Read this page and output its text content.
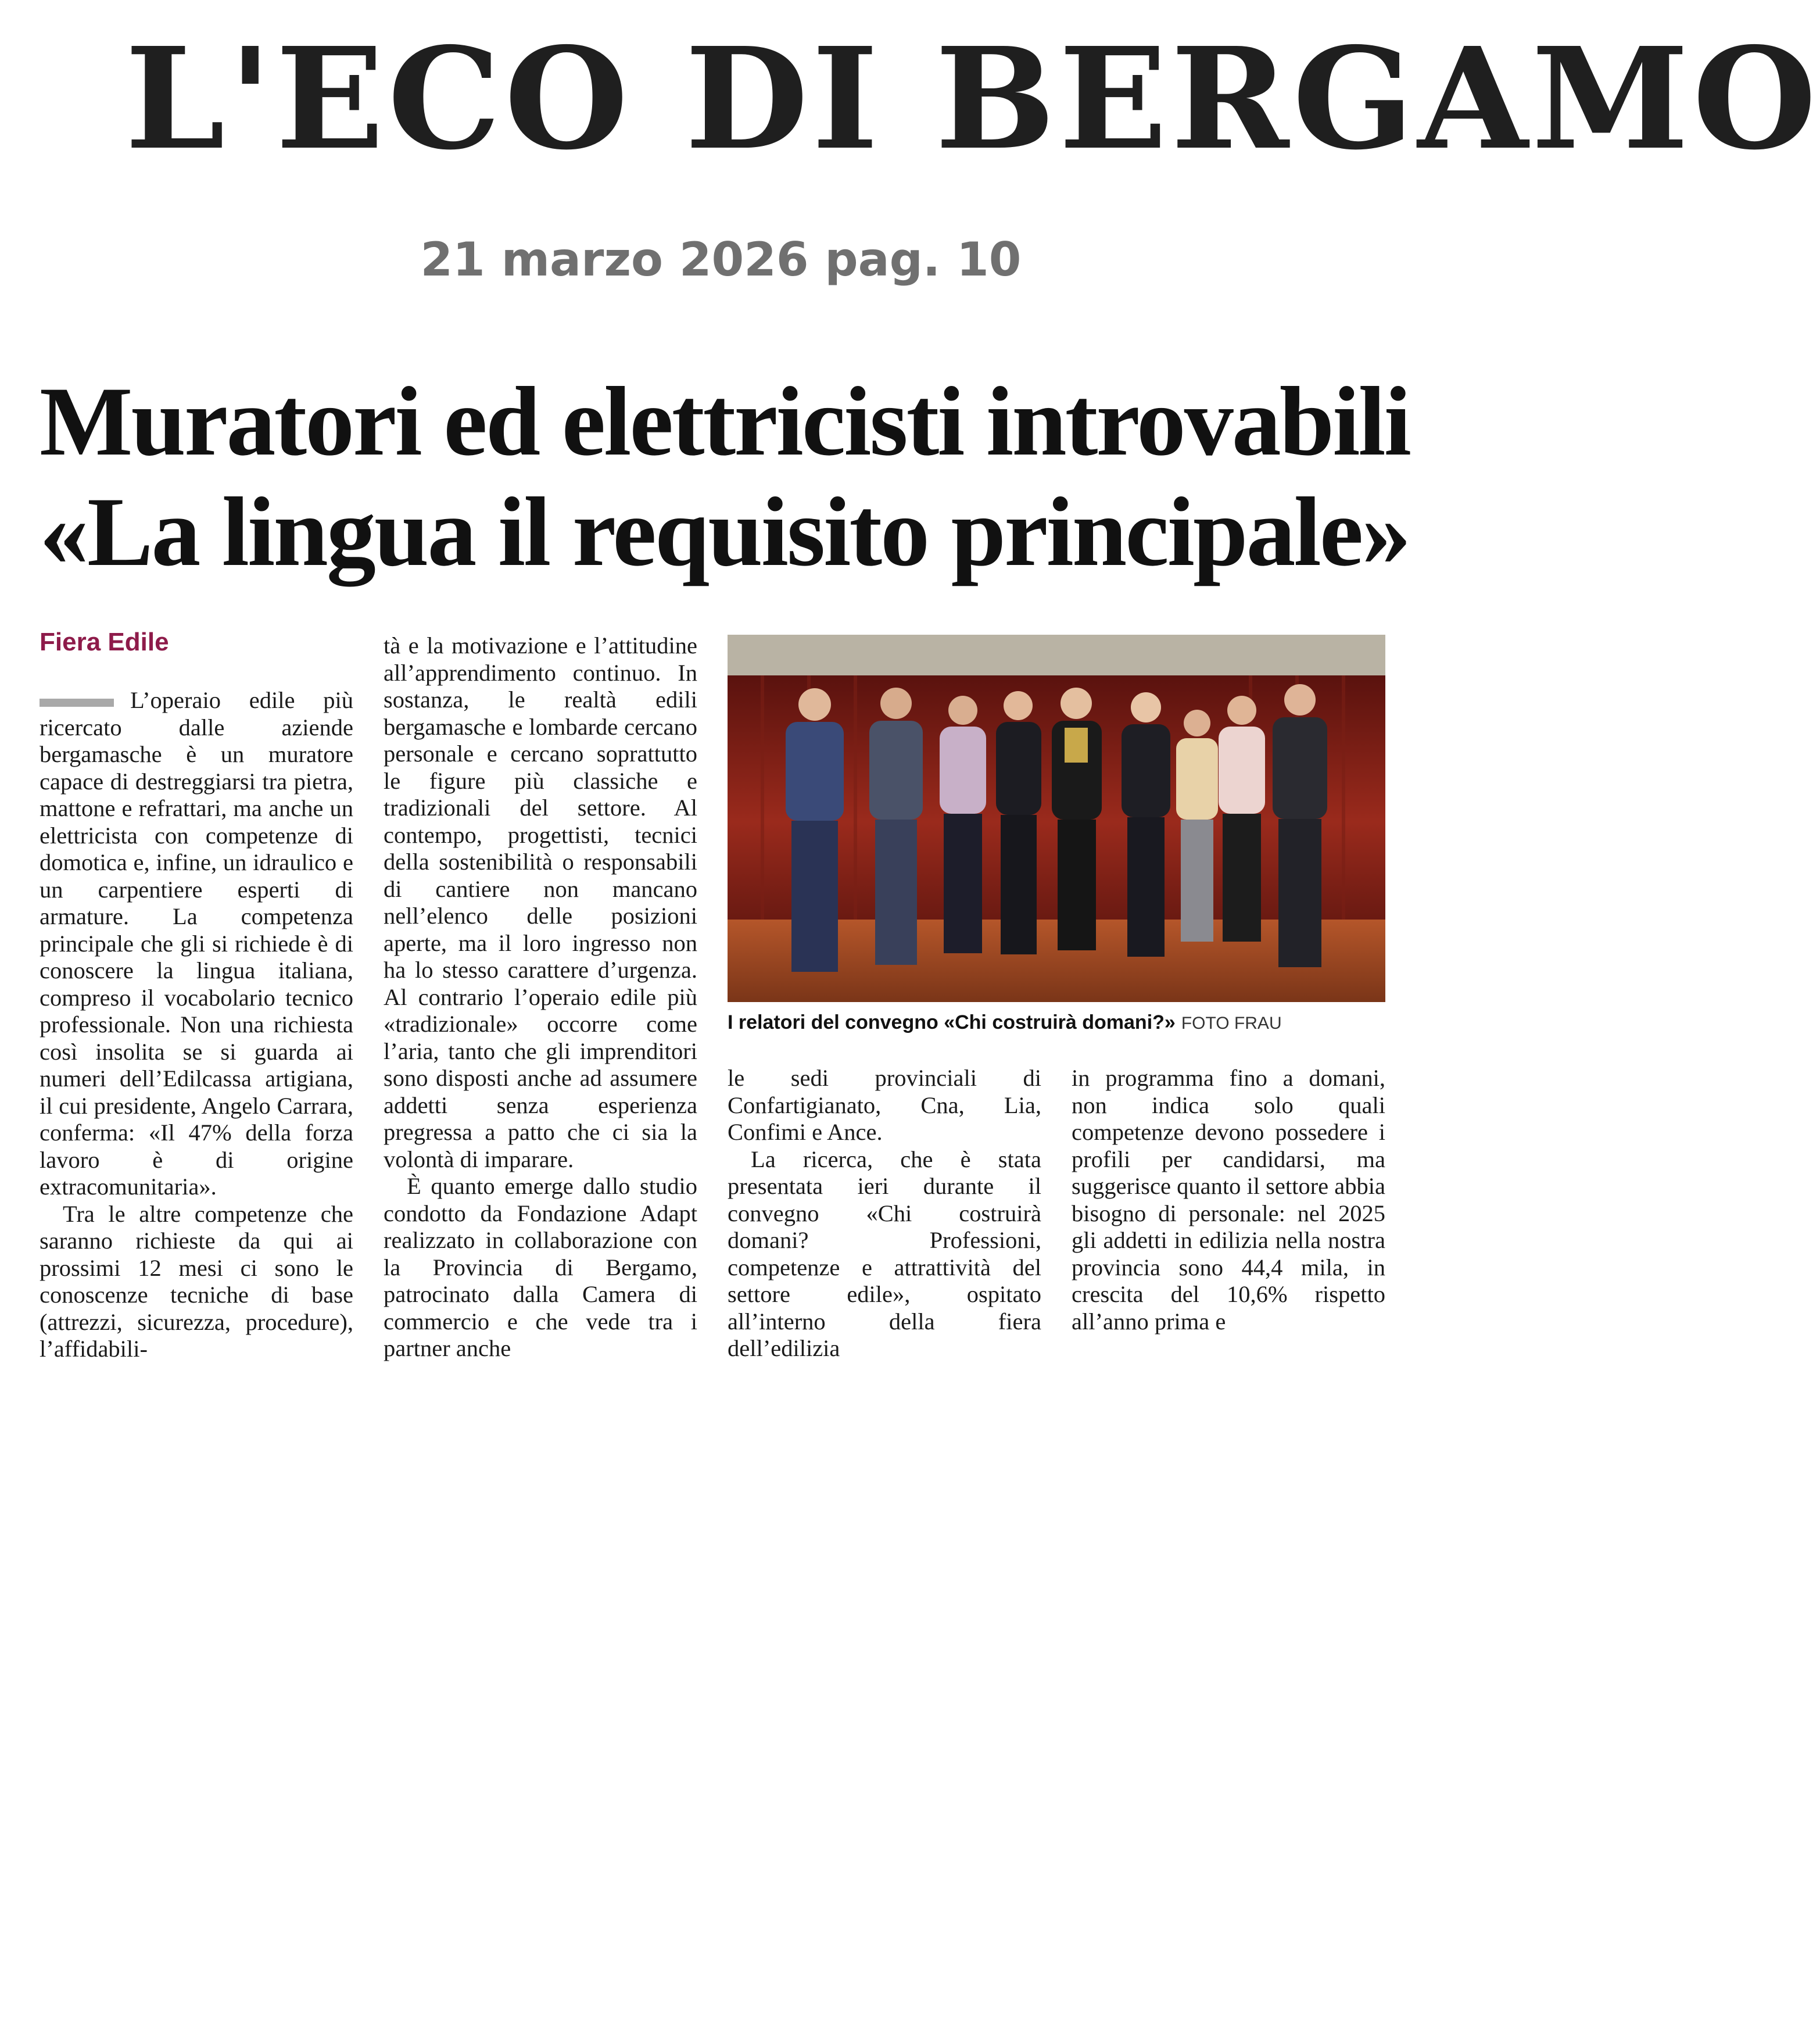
L'ECO DI BERGAMO
21 marzo 2026 pag. 10
Muratori ed elettricisti introvabili
«La lingua il requisito principale»
Fiera Edile

L’operaio edile più ricercato dalle aziende bergamasche è un muratore capace di destreggiarsi tra pietra, mattone e refrattari, ma anche un elettricista con competenze di domotica e, infine, un idraulico e un carpentiere esperti di armature. La competenza principale che gli si richiede è di conoscere la lingua italiana, compreso il vocabolario tecnico professionale. Non una richiesta così insolita se si guarda ai numeri dell’Edilcassa artigiana, il cui presidente, Angelo Carrara, conferma: «Il 47% della forza lavoro è di origine extracomunitaria».

Tra le altre competenze che saranno richieste da qui ai prossimi 12 mesi ci sono le conoscenze tecniche di base (attrezzi, sicurezza, procedure), l’affidabili-

tà e la motivazione e l’attitudine all’apprendimento continuo. In sostanza, le realtà edili bergamasche e lombarde cercano personale e cercano soprattutto le figure più classiche e tradizionali del settore. Al contempo, progettisti, tecnici della sostenibilità o responsabili di cantiere non mancano nell’elenco delle posizioni aperte, ma il loro ingresso non ha lo stesso carattere d’urgenza. Al contrario l’operaio edile più «tradizionale» occorre come l’aria, tanto che gli imprenditori sono disposti anche ad assumere addetti senza esperienza pregressa a patto che ci sia la volontà di imparare.

È quanto emerge dallo studio condotto da Fondazione Adapt realizzato in collaborazione con la Provincia di Bergamo, patrocinato dalla Camera di commercio e che vede tra i partner anche

I relatori del convegno «Chi costruirà domani?» FOTO FRAU

le sedi provinciali di Confartigianato, Cna, Lia, Confimi e Ance.

La ricerca, che è stata presentata ieri durante il convegno «Chi costruirà domani? Professioni, competenze e attrattività del settore edile», ospitato all’interno della fiera dell’edilizia

in programma fino a domani, non indica solo quali competenze devono possedere i profili per candidarsi, ma suggerisce quanto il settore abbia bisogno di personale: nel 2025 gli addetti in edilizia nella nostra provincia sono 44,4 mila, in crescita del 10,6% rispetto all’anno prima e
